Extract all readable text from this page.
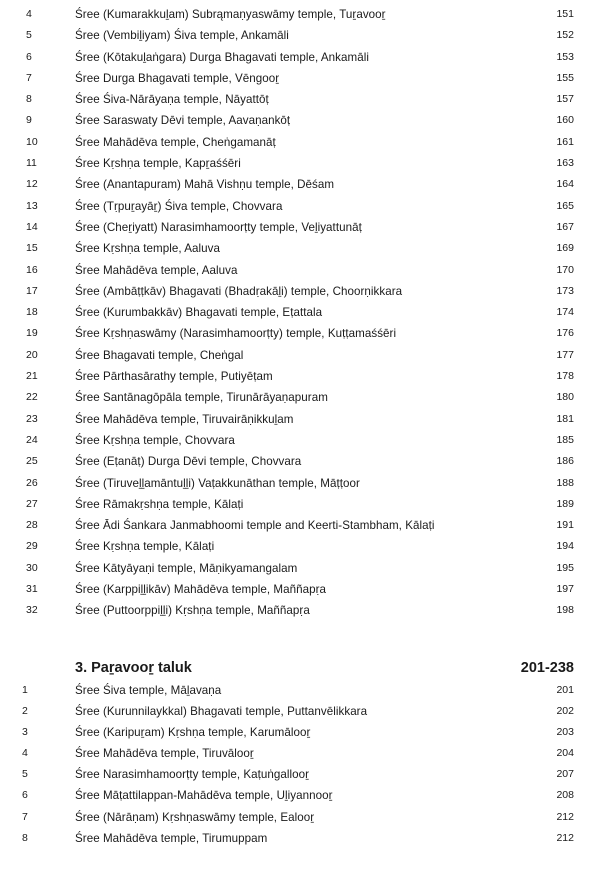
4	Śree (Kumarakkuḻam) Subrąmaṇyaswāmy temple, Tuṟavooṟ	151
5	Śree (Vembiḻiyam) Śiva temple, Ankamāli	152
6	Śree (Kōtakuḻaṅgara) Durga Bhagavati temple, Ankamāli	153
7	Śree Durga Bhagavati temple, Vēngooṟ	155
8	Śree Śiva-Nārāyaṇa temple, Nāyattōṭ	157
9	Śree Saraswaty Dēvi temple, Aavaṇankōṭ	160
10	Śree Mahādēva temple, Cheṅgamanāṭ	161
11	Śree Kṛshṇa temple, Kapṟaśśēri	163
12	Śree (Anantapuram) Mahā Vishṇu temple, Dēśam	164
13	Śree (Tṛpuṟayāṟ) Śiva temple, Chovvara	165
14	Śree (Cheṟiyatt) Narasimhamoorṭty temple, Veḻiyattunāṭ	167
15	Śree Kṛshṇa temple, Aaluva	169
16	Śree Mahādēva temple, Aaluva	170
17	Śree (Ambāṭṭkāv) Bhagavati (Bhadṛakāḻi) temple, Choorṇikkara	173
18	Śree (Kurumbakkāv) Bhagavati temple, Eṭattala	174
19	Śree Kṛshṇaswāmy (Narasimhamoorṭty) temple, Kuṭṭamaśśēri	176
20	Śree Bhagavati temple, Cheṅgal	177
21	Śree Pārthasārathy temple, Putiyēṭam	178
22	Śree Santānagōpāla temple, Tirunārāyaṇapuram	180
23	Śree Mahādēva temple, Tiruvairāṇikkuḻam	181
24	Śree Kṛshṇa temple, Chovvara	185
25	Śree (Eṭanāṭ) Durga Dēvi temple, Chovvara	186
26	Śree (Tiruveḻḻamāntuḻḻi) Vaṭakkunāthan temple, Māṭṭoor	188
27	Śree Rāmakṛshṇa temple, Kālaṭi	189
28	Śree Ādi Śankara Janmabhoomi temple and Keerti-Stambham, Kālaṭi	191
29	Śree Kṛshṇa temple, Kālaṭi	194
30	Śree Kātyāyaṇi temple, Māṇikyamangalam	195
31	Śree (Karppiḻḻikāv) Mahādēva temple, Maññapṛa	197
32	Śree (Puttoorppiḻḻi) Kṛshṇa temple, Maññapṛa	198
3. Paṟavooṟ taluk	201-238
1	Śree Śiva temple, Māḻavaṇa	201
2	Śree (Kurunnilaykkal) Bhagavati temple, Puttanvēlikkara	202
3	Śree (Karipuṟam) Kṛshṇa temple, Karumālooṟ	203
4	Śree Mahādēva temple, Tiruvālooṟ	204
5	Śree Narasimhamoorṭty temple, Kaṭuṅgallooṟ	207
6	Śree Māṭattilappan-Mahādēva temple, Uḻiyannooṟ	208
7	Śree (Nārāṇam) Kṛshṇaswāmy temple, Ealooṟ	212
8	Śree Mahādēva temple, Tirumuppam	212
